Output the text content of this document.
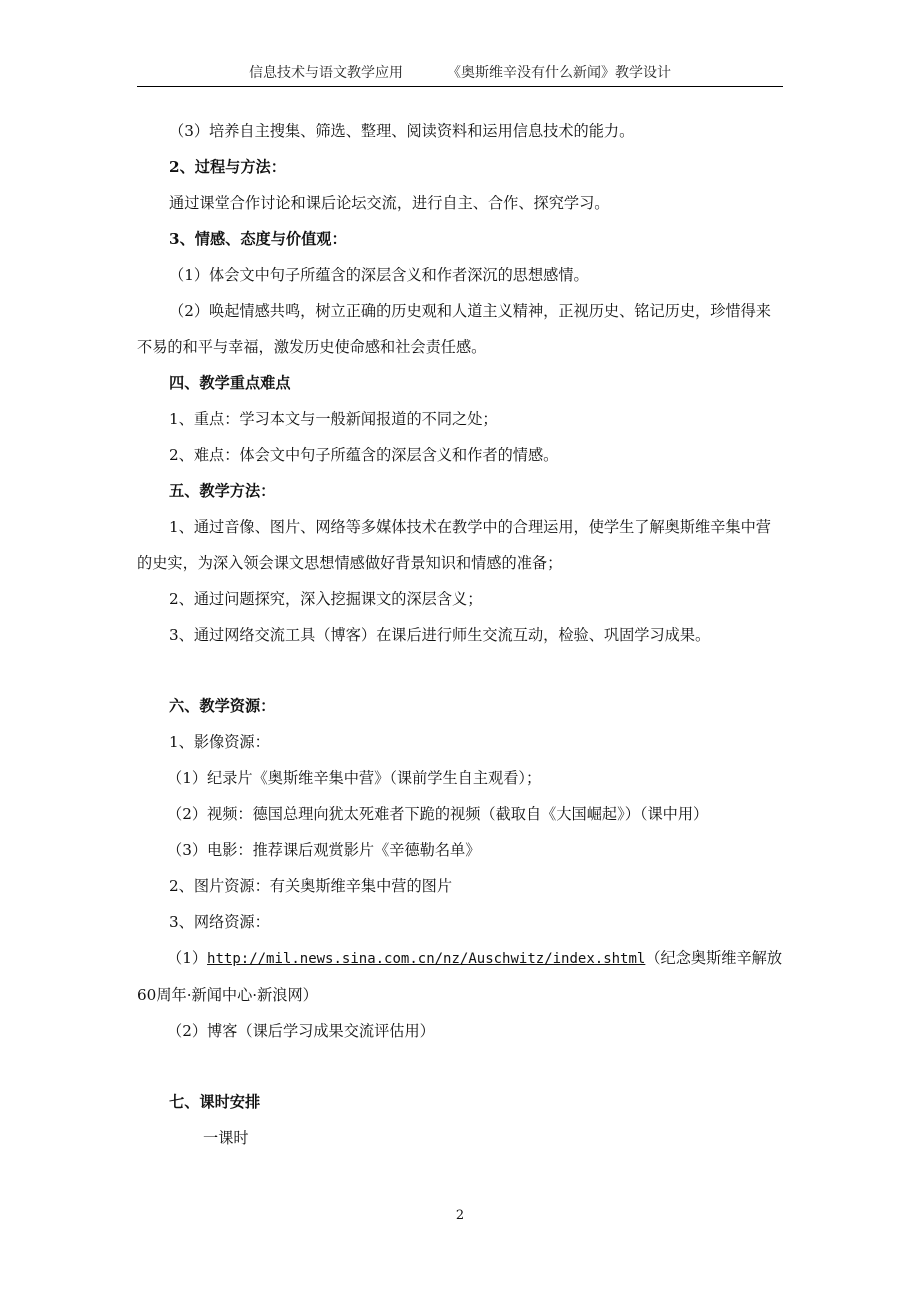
信息技术与语文教学应用	《奥斯维辛没有什么新闻》教学设计
（3）培养自主搜集、筛选、整理、阅读资料和运用信息技术的能力。
2、过程与方法：
通过课堂合作讨论和课后论坛交流，进行自主、合作、探究学习。
3、情感、态度与价值观：
（1）体会文中句子所蕴含的深层含义和作者深沉的思想感情。
（2）唤起情感共鸣，树立正确的历史观和人道主义精神，正视历史、铭记历史，珍惜得来不易的和平与幸福，激发历史使命感和社会责任感。
四、教学重点难点
1、重点：学习本文与一般新闻报道的不同之处；
2、难点：体会文中句子所蕴含的深层含义和作者的情感。
五、教学方法：
1、通过音像、图片、网络等多媒体技术在教学中的合理运用，使学生了解奥斯维辛集中营的史实，为深入领会课文思想情感做好背景知识和情感的准备；
2、通过问题探究，深入挖掘课文的深层含义；
3、通过网络交流工具（博客）在课后进行师生交流互动，检验、巩固学习成果。
六、教学资源：
1、影像资源：
（1）纪录片《奥斯维辛集中营》（课前学生自主观看）；
（2）视频：德国总理向犹太死难者下跪的视频（截取自《大国崛起》）（课中用）
（3）电影：推荐课后观赏影片《辛德勒名单》
2、图片资源：有关奥斯维辛集中营的图片
3、网络资源：
（1）http://mil.news.sina.com.cn/nz/Auschwitz/index.shtml（纪念奥斯维辛解放60周年·新闻中心·新浪网）
（2）博客（课后学习成果交流评估用）
七、课时安排
一课时
2
